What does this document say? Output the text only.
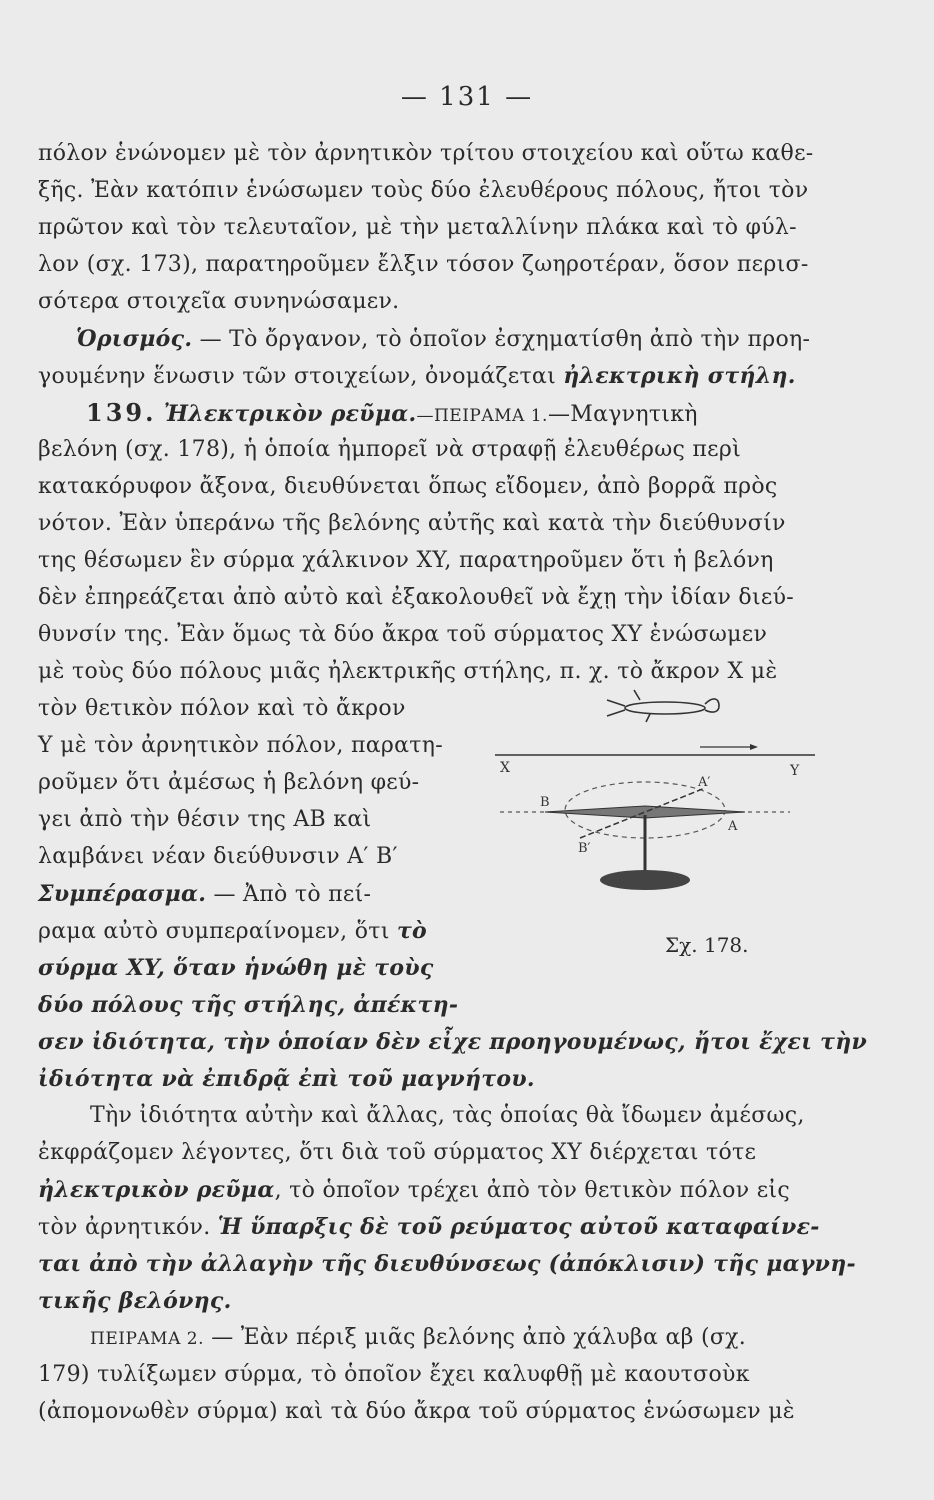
— 131 —
πόλον ἑνώνομεν μὲ τὸν ἀρνητικὸν τρίτου στοιχείου καὶ οὕτω καθε-
ξῆς. Ἐὰν κατόπιν ἑνώσωμεν τοὺς δύο ἐλευθέρους πόλους, ἤτοι τὸν
πρῶτον καὶ τὸν τελευταῖον, μὲ τὴν μεταλλίνην πλάκα καὶ τὸ φύλ-
λον (σχ. 173), παρατηροῦμεν ἔλξιν τόσον ζωηροτέραν, ὅσον περισ-
σότερα στοιχεῖα συνηνώσαμεν.
Ὁρισμός. — Τὸ ὄργανον, τὸ ὁποῖον ἐσχηματίσθη ἀπὸ τὴν προη-
γουμένην ἕνωσιν τῶν στοιχείων, ὀνομάζεται ἠλεκτρικὴ στήλη.
139. Ἠλεκτρικὸν ρεῦμα.—ΠΕΙΡΑΜΑ 1.—Μαγνητικὴ
βελόνη (σχ. 178), ἡ ὁποία ἠμπορεῖ νὰ στραφῇ ἐλευθέρως περὶ
κατακόρυφον ἄξονα, διευθύνεται ὅπως εἴδομεν, ἀπὸ βορρᾶ πρὸς
νότον. Ἐὰν ὑπεράνω τῆς βελόνης αὐτῆς καὶ κατὰ τὴν διεύθυνσίν
της θέσωμεν ἓν σύρμα χάλκινον XY, παρατηροῦμεν ὅτι ἡ βελόνη
δὲν ἐπηρεάζεται ἀπὸ αὐτὸ καὶ ἐξακολουθεῖ νὰ ἔχῃ τὴν ἰδίαν διεύ-
θυνσίν της. Ἐὰν ὅμως τὰ δύο ἄκρα τοῦ σύρματος XY ἑνώσωμεν
μὲ τοὺς δύο πόλους μιᾶς ἠλεκτρικῆς στήλης, π. χ. τὸ ἄκρον X μὲ
τὸν θετικὸν πόλον καὶ τὸ ἄκρον
Y μὲ τὸν ἀρνητικὸν πόλον, παρατη-
ροῦμεν ὅτι ἀμέσως ἡ βελόνη φεύ-
γει ἀπὸ τὴν θέσιν της AB καὶ
λαμβάνει νέαν διεύθυνσιν A′ B′
Συμπέρασμα. — Ἀπὸ τὸ πεί-
ραμα αὐτὸ συμπεραίνομεν, ὅτι τὸ
σύρμα XY, ὅταν ἡνώθη μὲ τοὺς
δύο πόλους τῆς στήλης, ἀπέκτη-
σεν ἰδιότητα, τὴν ὁποίαν δὲν εἶχε προηγουμένως, ἤτοι ἔχει τὴν
ἰδιότητα νὰ ἐπιδρᾷ ἐπὶ τοῦ μαγνήτου.
Τὴν ἰδιότητα αὐτὴν καὶ ἄλλας, τὰς ὁποίας θὰ ἴδωμεν ἀμέσως,
ἐκφράζομεν λέγοντες, ὅτι διὰ τοῦ σύρματος XY διέρχεται τότε
ἠλεκτρικὸν ρεῦμα, τὸ ὁποῖον τρέχει ἀπὸ τὸν θετικὸν πόλον εἰς
τὸν ἀρνητικόν. Ἡ ὕπαρξις δὲ τοῦ ρεύματος αὐτοῦ καταφαίνε-
ται ἀπὸ τὴν ἀλλαγὴν τῆς διευθύνσεως (ἀπόκλισιν) τῆς μαγνη-
τικῆς βελόνης.
ΠΕΙΡΑΜΑ 2. — Ἐὰν πέριξ μιᾶς βελόνης ἀπὸ χάλυβα αβ (σχ.
179) τυλίξωμεν σύρμα, τὸ ὁποῖον ἔχει καλυφθῇ μὲ καουτσοὺκ
(ἀπομονωθὲν σύρμα) καὶ τὰ δύο ἄκρα τοῦ σύρματος ἑνώσωμεν μὲ
X	Y
A′
B
B′
A
Σχ. 178.
